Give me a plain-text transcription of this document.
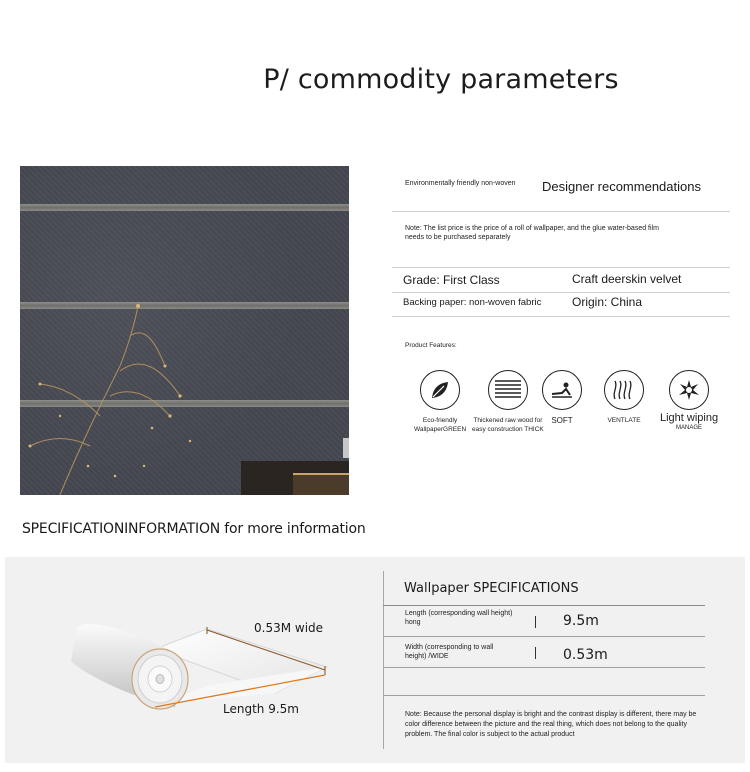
P/ commodity parameters
Environmentally friendly non-woven	Designer recommendations
Note: The list price is the price of a roll of wallpaper, and the glue water-based film needs to be purchased separately
Grade: First Class	Craft deerskin velvet
Backing paper: non-woven fabric	Origin: China
Product Features:
Eco-friendly
WallpaperGREEN
Thickened raw wood for
easy construction THICK
SOFT	VENTLATE	Light wiping
MANAGE
SPECIFICATIONINFORMATION for more information
0.53M wide
Length 9.5m
Wallpaper SPECIFICATIONS
Length (corresponding wall height) hong	9.5m
Width (corresponding to wall height) /WIDE	0.53m
Note: Because the personal display is bright and the contrast display is different, there may be color difference between the picture and the real thing, which does not belong to the quality problem. The final color is subject to the actual product
